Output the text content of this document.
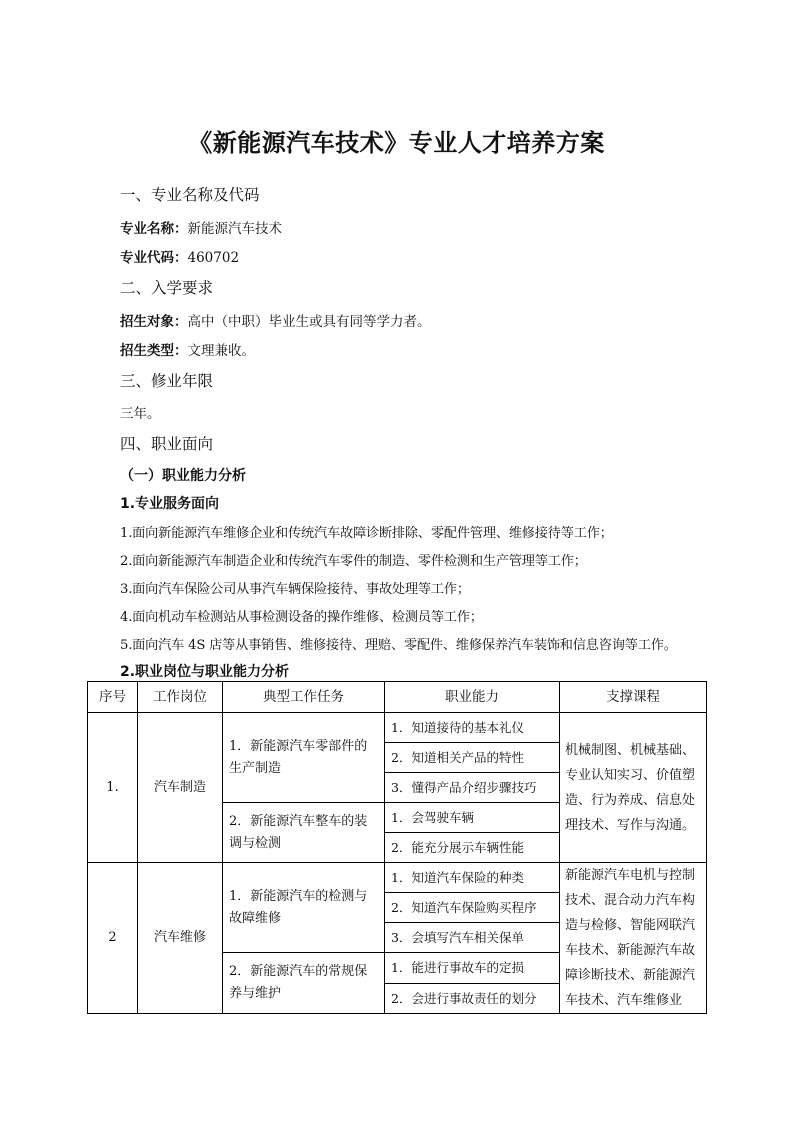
《新能源汽车技术》专业人才培养方案
一、专业名称及代码
专业名称：新能源汽车技术
专业代码：460702
二、入学要求
招生对象：高中（中职）毕业生或具有同等学力者。
招生类型：文理兼收。
三、修业年限
三年。
四、职业面向
（一）职业能力分析
1.专业服务面向
1.面向新能源汽车维修企业和传统汽车故障诊断排除、零配件管理、维修接待等工作；
2.面向新能源汽车制造企业和传统汽车零件的制造、零件检测和生产管理等工作；
3.面向汽车保险公司从事汽车辆保险接待、事故处理等工作；
4.面向机动车检测站从事检测设备的操作维修、检测员等工作；
5.面向汽车 4S 店等从事销售、维修接待、理赔、零配件、维修保养汽车装饰和信息咨询等工作。
2.职业岗位与职业能力分析
序号	工作岗位	典型工作任务	职业能力	支撑课程
1.	汽车制造	1．新能源汽车零部件的生产制造	1．知道接待的基本礼仪	机械制图、机械基础、专业认知实习、价值塑造、行为养成、信息处理技术、写作与沟通。
			2．知道相关产品的特性	
			3．懂得产品介绍步骤技巧	
		2．新能源汽车整车的装调与检测	1．会驾驶车辆	
			2．能充分展示车辆性能	
2	汽车维修	1．新能源汽车的检测与故障维修	1．知道汽车保险的种类	新能源汽车电机与控制技术、混合动力汽车构造与检修、智能网联汽车技术、新能源汽车故障诊断技术、新能源汽车技术、汽车维修业
			2．知道汽车保险购买程序	
			3．会填写汽车相关保单	
		2．新能源汽车的常规保养与维护	1．能进行事故车的定损	
			2．会进行事故责任的划分	
